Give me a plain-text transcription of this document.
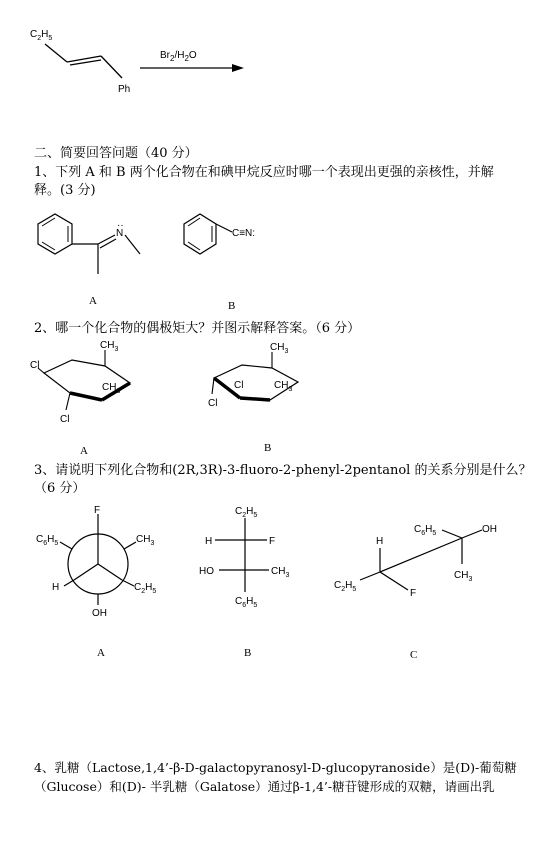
$C_2H_5$
Ph
$Br_2/H_2O$
二、简要回答问题（40 分）
1、下列 A 和 B 两个化合物在和碘甲烷反应时哪一个表现出更强的亲核性，并解
释。(3 分)
N
··
C≡N:
A	B
2、哪一个化合物的偶极矩大？并图示解释答案。（6 分）
$CH_3$
Cl
Cl
$CH_3$
$CH_3$
Cl
Cl	$CH_3$
A	B
3、请说明下列化合物和(2R,3R)-3-fluoro-2-phenyl-2pentanol 的关系分别是什么？
（6 分）
F
H	$C_2H_5$
OH
$C_6H_5$	$CH_3$
$C_2H_5$
H	F
HO	$CH_3$
$C_6H_5$
H
$C_2H_5$	F
$C_6H_5$	OH
$CH_3$
A	B	C
4、乳糖（Lactose,1,4’-β-D-galactopyranosyl-D-glucopyranoside）是(D)-葡萄糖
（Glucose）和(D)- 半乳糖（Galatose）通过β-1,4’-糖苷键形成的双糖，请画出乳
